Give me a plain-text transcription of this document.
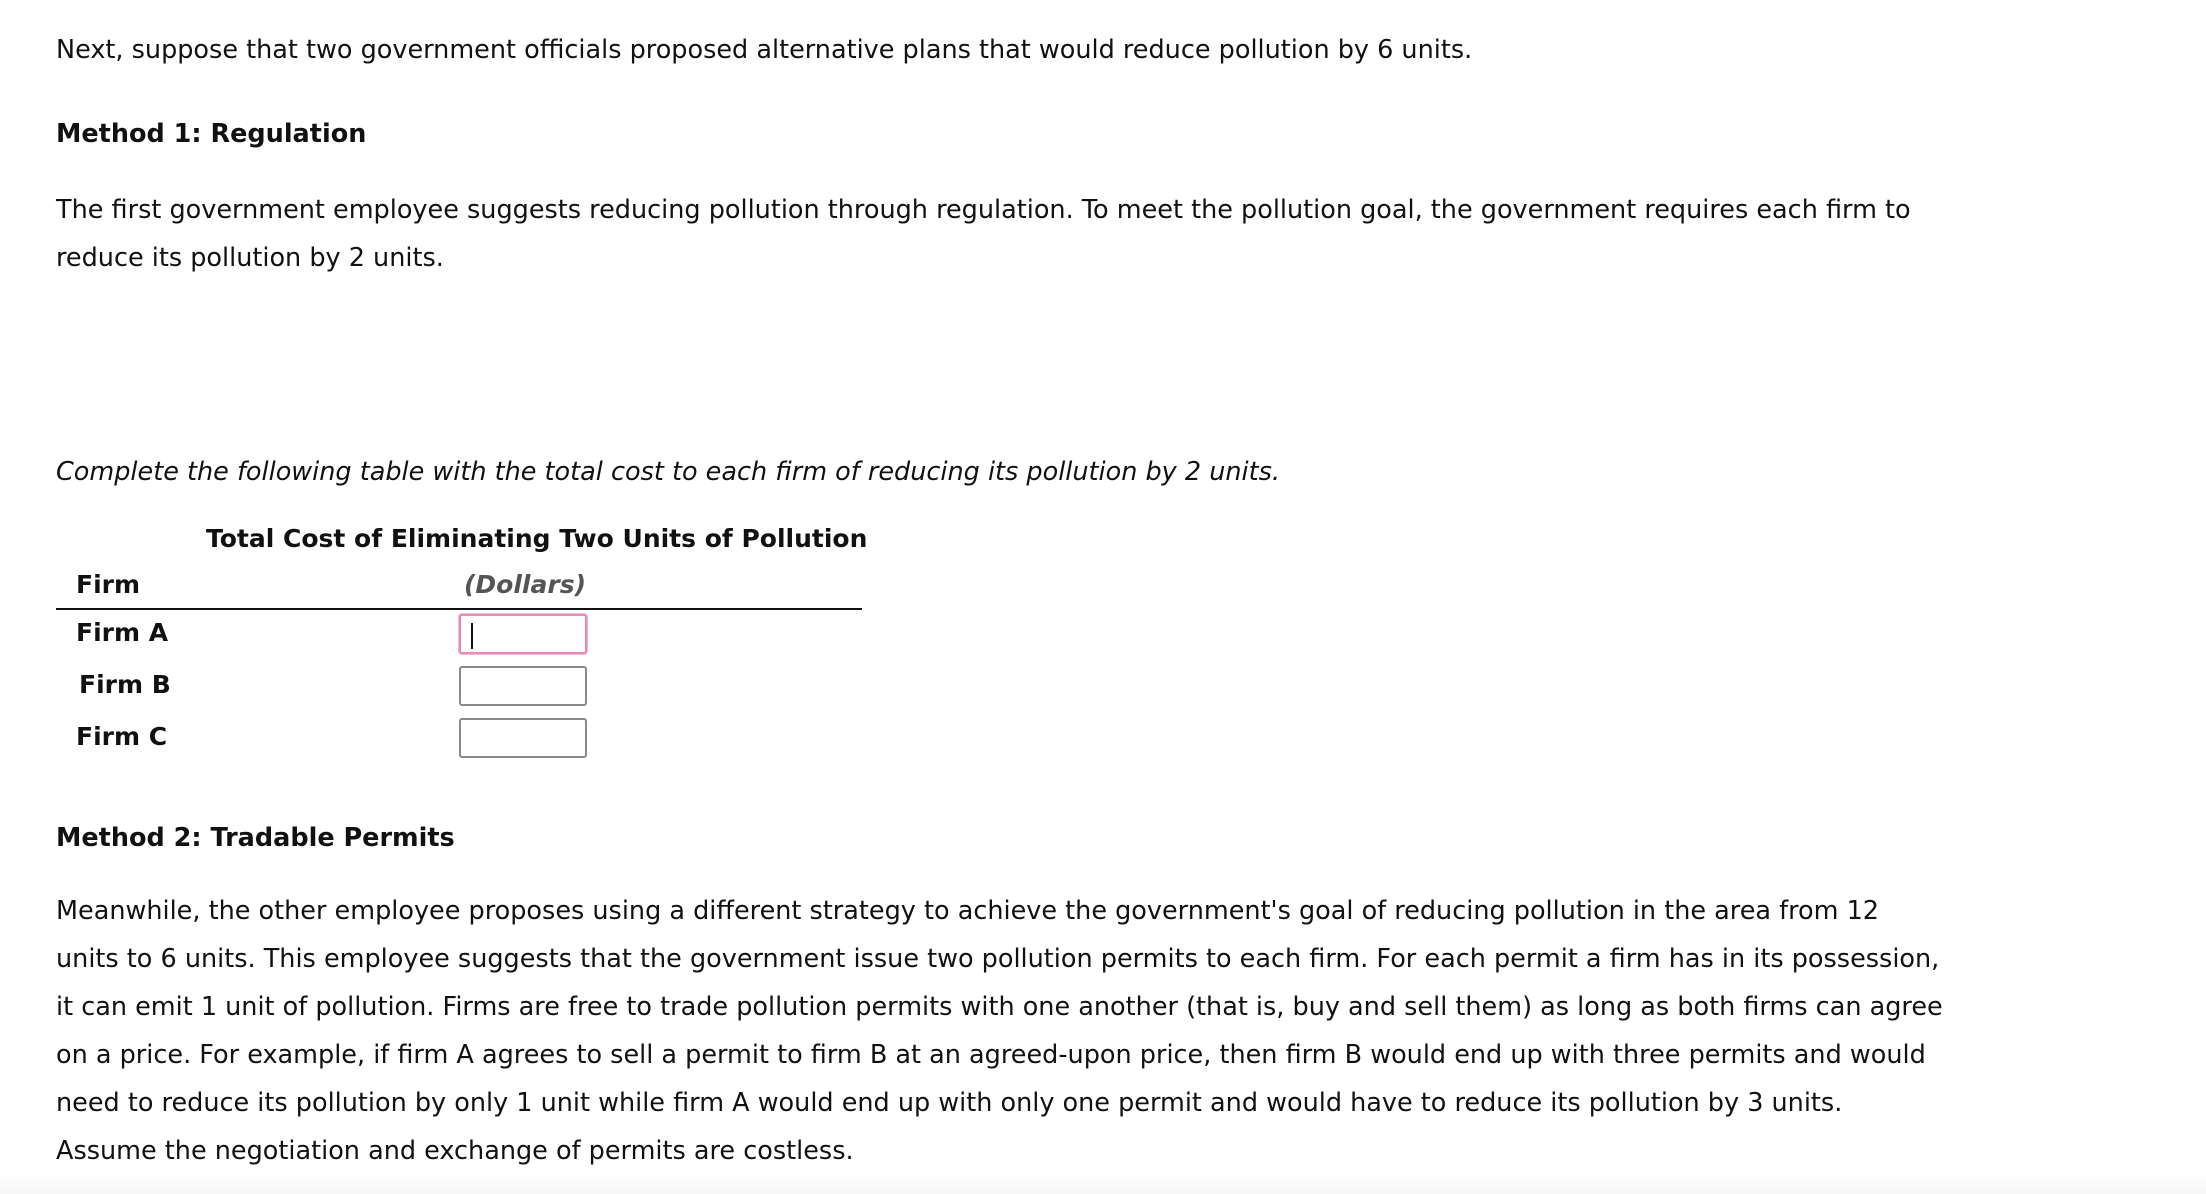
Next, suppose that two government officials proposed alternative plans that would reduce pollution by 6 units.

Method 1: Regulation

The first government employee suggests reducing pollution through regulation. To meet the pollution goal, the government requires each firm to reduce its pollution by 2 units.

Complete the following table with the total cost to each firm of reducing its pollution by 2 units.

Total Cost of Eliminating Two Units of Pollution
Firm	(Dollars)
Firm A
Firm B
Firm C
Method 2: Tradable Permits

Meanwhile, the other employee proposes using a different strategy to achieve the government's goal of reducing pollution in the area from 12 units to 6 units. This employee suggests that the government issue two pollution permits to each firm. For each permit a firm has in its possession, it can emit 1 unit of pollution. Firms are free to trade pollution permits with one another (that is, buy and sell them) as long as both firms can agree on a price. For example, if firm A agrees to sell a permit to firm B at an agreed-upon price, then firm B would end up with three permits and would need to reduce its pollution by only 1 unit while firm A would end up with only one permit and would have to reduce its pollution by 3 units. Assume the negotiation and exchange of permits are costless.
